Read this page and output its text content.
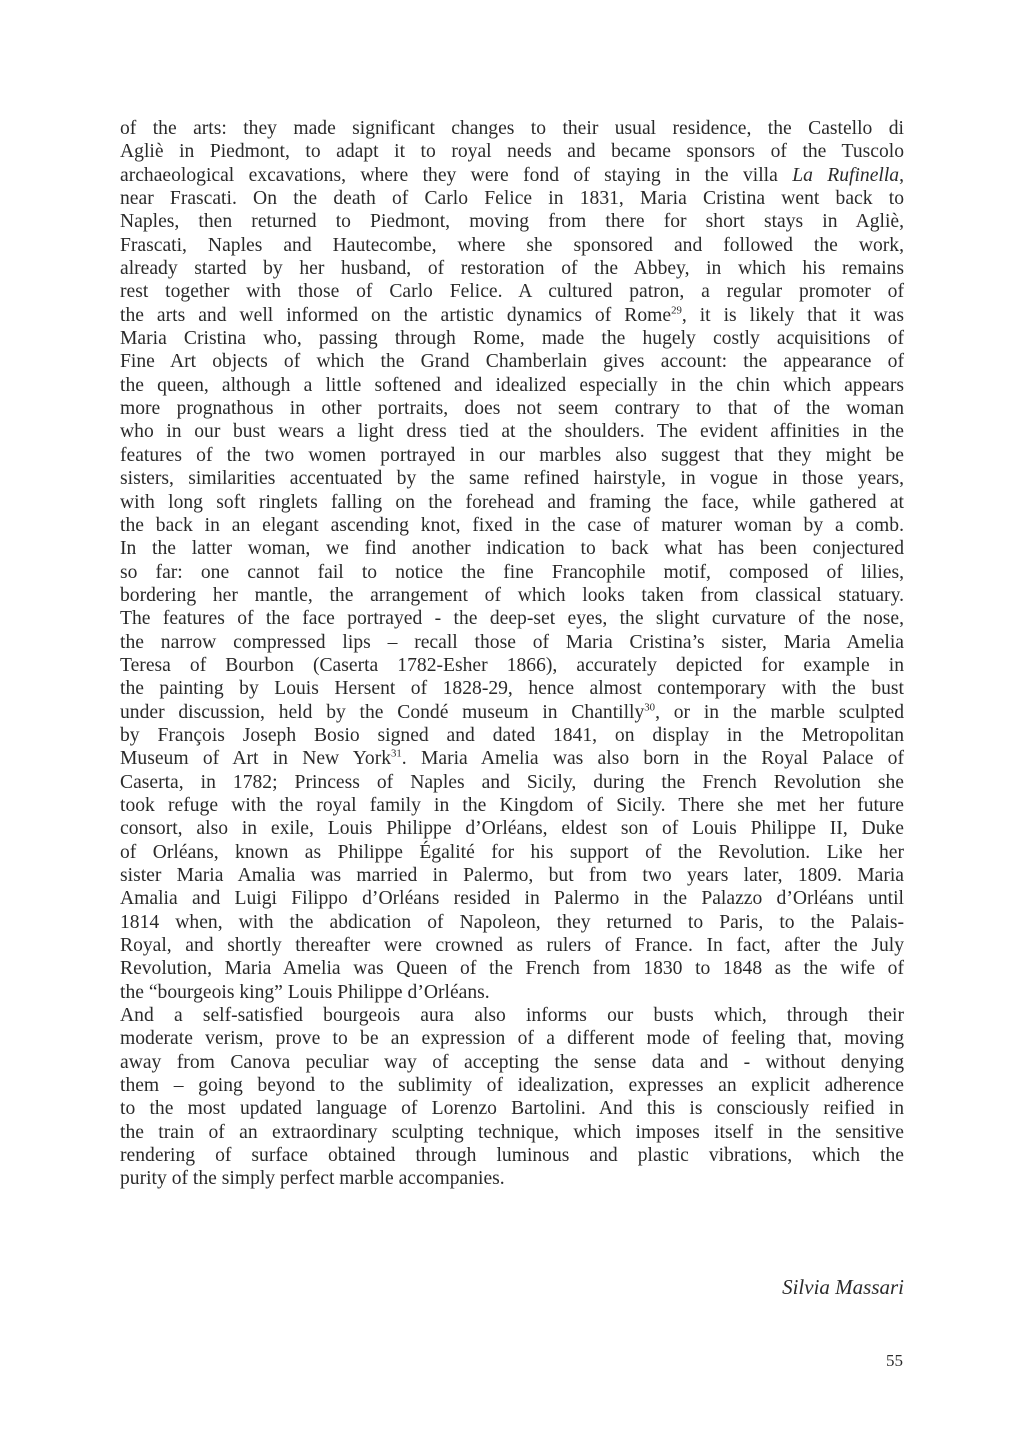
of the arts: they made significant changes to their usual residence, the Castello di
Agliè in Piedmont, to adapt it to royal needs and became sponsors of the Tuscolo
archaeological excavations, where they were fond of staying in the villa La Rufinella,
near Frascati. On the death of Carlo Felice in 1831, Maria Cristina went back to
Naples, then returned to Piedmont, moving from there for short stays in Agliè,
Frascati, Naples and Hautecombe, where she sponsored and followed the work,
already started by her husband, of restoration of the Abbey, in which his remains
rest together with those of Carlo Felice. A cultured patron, a regular promoter of
the arts and well informed on the artistic dynamics of Rome$^{29}$, it is likely that it was
Maria Cristina who, passing through Rome, made the hugely costly acquisitions of
Fine Art objects of which the Grand Chamberlain gives account: the appearance of
the queen, although a little softened and idealized especially in the chin which appears
more prognathous in other portraits, does not seem contrary to that of the woman
who in our bust wears a light dress tied at the shoulders. The evident affinities in the
features of the two women portrayed in our marbles also suggest that they might be
sisters, similarities accentuated by the same refined hairstyle, in vogue in those years,
with long soft ringlets falling on the forehead and framing the face, while gathered at
the back in an elegant ascending knot, fixed in the case of maturer woman by a comb.
In the latter woman, we find another indication to back what has been conjectured
so far: one cannot fail to notice the fine Francophile motif, composed of lilies,
bordering her mantle, the arrangement of which looks taken from classical statuary.
The features of the face portrayed - the deep-set eyes, the slight curvature of the nose,
the narrow compressed lips – recall those of Maria Cristina’s sister, Maria Amelia
Teresa of Bourbon (Caserta 1782-Esher 1866), accurately depicted for example in
the painting by Louis Hersent of 1828-29, hence almost contemporary with the bust
under discussion, held by the Condé museum in Chantilly$^{30}$, or in the marble sculpted
by François Joseph Bosio signed and dated 1841, on display in the Metropolitan
Museum of Art in New York$^{31}$. Maria Amelia was also born in the Royal Palace of
Caserta, in 1782; Princess of Naples and Sicily, during the French Revolution she
took refuge with the royal family in the Kingdom of Sicily. There she met her future
consort, also in exile, Louis Philippe d’Orléans, eldest son of Louis Philippe II, Duke
of Orléans, known as Philippe Égalité for his support of the Revolution. Like her
sister Maria Amalia was married in Palermo, but from two years later, 1809. Maria
Amalia and Luigi Filippo d’Orléans resided in Palermo in the Palazzo d’Orléans until
1814 when, with the abdication of Napoleon, they returned to Paris, to the Palais-
Royal, and shortly thereafter were crowned as rulers of France. In fact, after the July
Revolution, Maria Amelia was Queen of the French from 1830 to 1848 as the wife of
the “bourgeois king” Louis Philippe d’Orléans.

And a self-satisfied bourgeois aura also informs our busts which, through their
moderate verism, prove to be an expression of a different mode of feeling that, moving
away from Canova peculiar way of accepting the sense data and - without denying
them – going beyond to the sublimity of idealization, expresses an explicit adherence
to the most updated language of Lorenzo Bartolini. And this is consciously reified in
the train of an extraordinary sculpting technique, which imposes itself in the sensitive
rendering of surface obtained through luminous and plastic vibrations, which the
purity of the simply perfect marble accompanies.

Silvia Massari
55
